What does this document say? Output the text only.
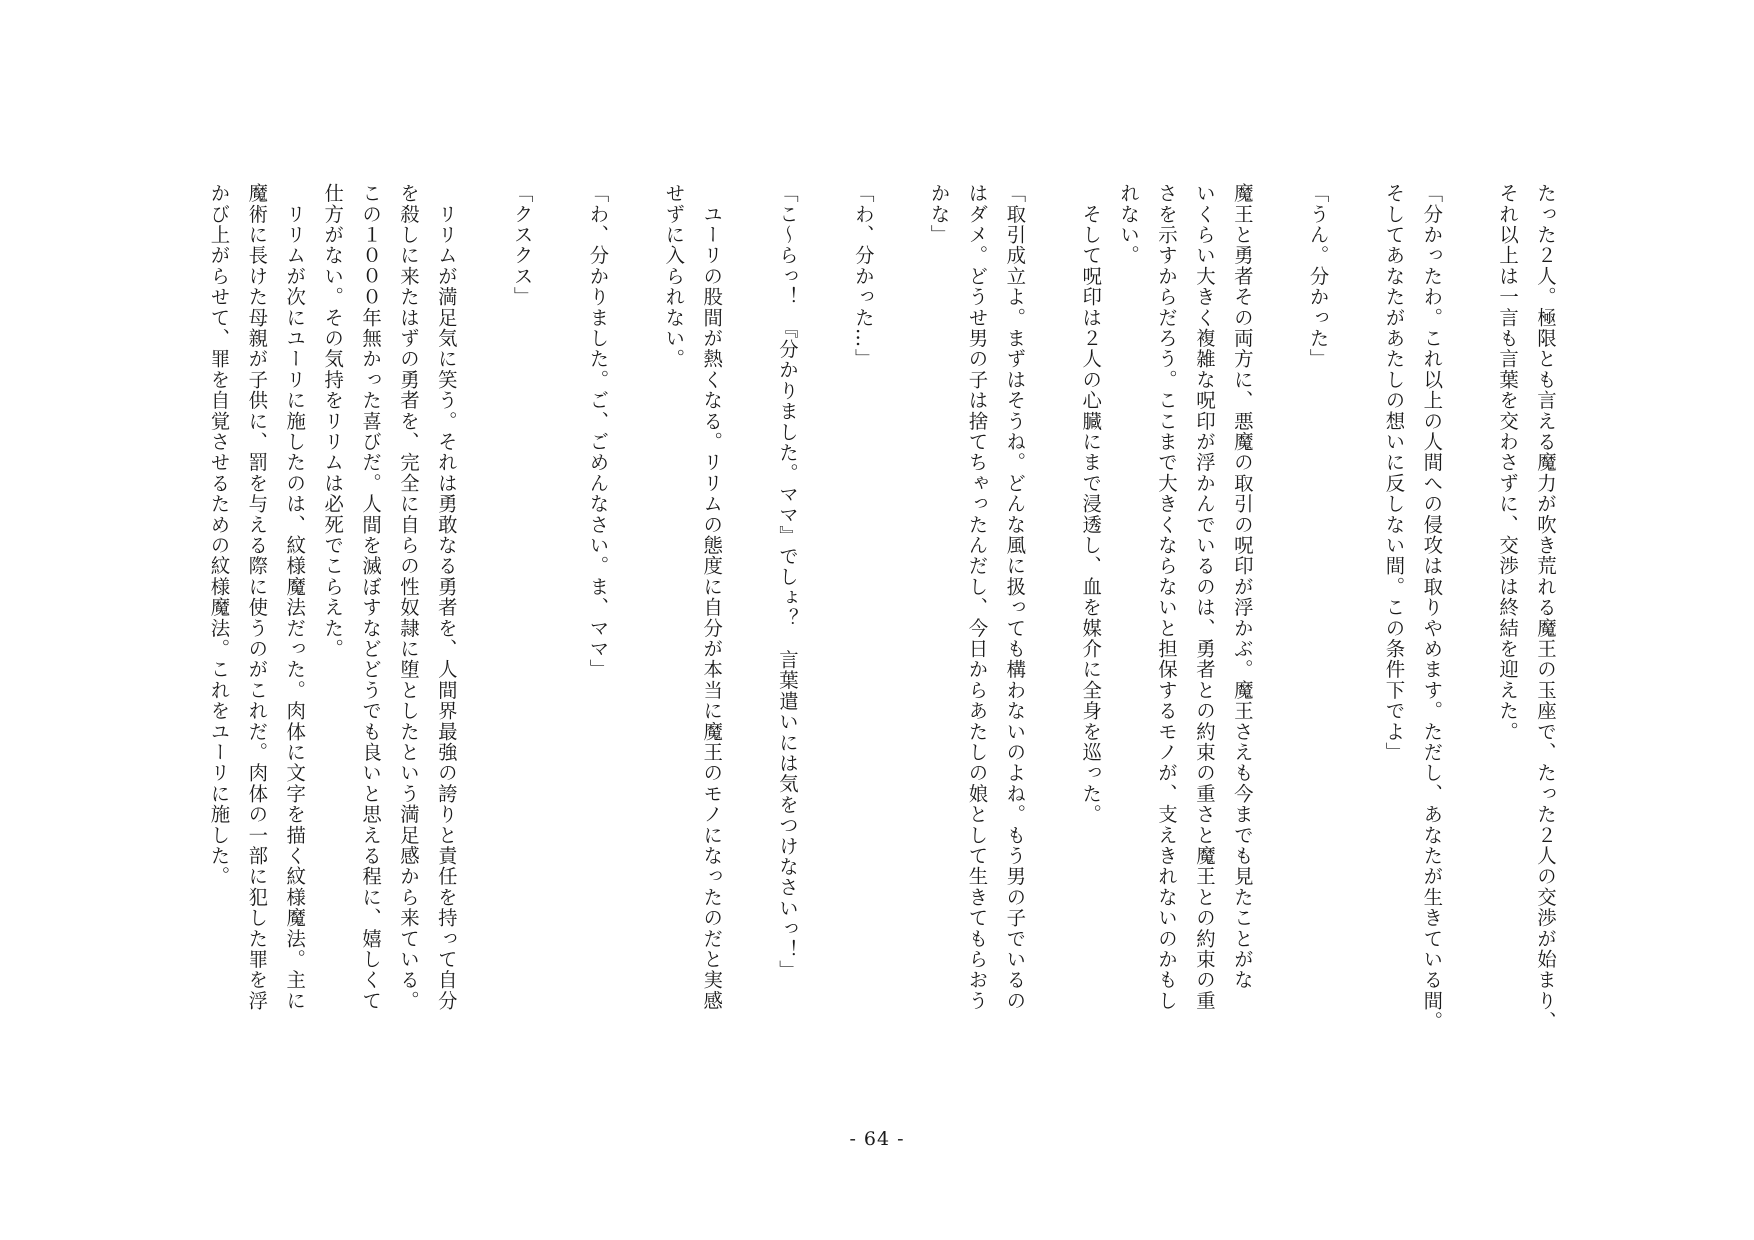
たった２人。極限とも言える魔力が吹き荒れる魔王の玉座で、たった２人の交渉が始まり、
それ以上は一言も言葉を交わさずに、交渉は終結を迎えた。
「分かったわ。これ以上の人間への侵攻は取りやめます。ただし、あなたが生きている間。
そしてあなたがあたしの想いに反しない間。この条件下でよ」
「うん。分かった」
魔王と勇者その両方に、悪魔の取引の呪印が浮かぶ。魔王さえも今までも見たことがな
いくらい大きく複雑な呪印が浮かんでいるのは、勇者との約束の重さと魔王との約束の重
さを示すからだろう。ここまで大きくならないと担保するモノが、支えきれないのかもし
れない。
　そして呪印は２人の心臓にまで浸透し、血を媒介に全身を巡った。
「取引成立よ。まずはそうね。どんな風に扱っても構わないのよね。もう男の子でいるの
はダメ。どうせ男の子は捨てちゃったんだし、今日からあたしの娘として生きてもらおう
かな」
「わ、分かった…」
「こ～らっ！　『分かりました。ママ』でしょ？　言葉遣いには気をつけなさいっ！」
　ユーリの股間が熱くなる。リリムの態度に自分が本当に魔王のモノになったのだと実感
せずに入られない。
「わ、分かりました。ご、ごめんなさい。ま、ママ」
「クスクス」
　リリムが満足気に笑う。それは勇敢なる勇者を、人間界最強の誇りと責任を持って自分
を殺しに来たはずの勇者を、完全に自らの性奴隷に堕としたという満足感から来ている。
この１０００年無かった喜びだ。人間を滅ぼすなどどうでも良いと思える程に、嬉しくて
仕方がない。その気持をリリムは必死でこらえた。
　リリムが次にユーリに施したのは、紋様魔法だった。肉体に文字を描く紋様魔法。主に
魔術に長けた母親が子供に、罰を与える際に使うのがこれだ。肉体の一部に犯した罪を浮
かび上がらせて、罪を自覚させるための紋様魔法。これをユーリに施した。
- 64 -
